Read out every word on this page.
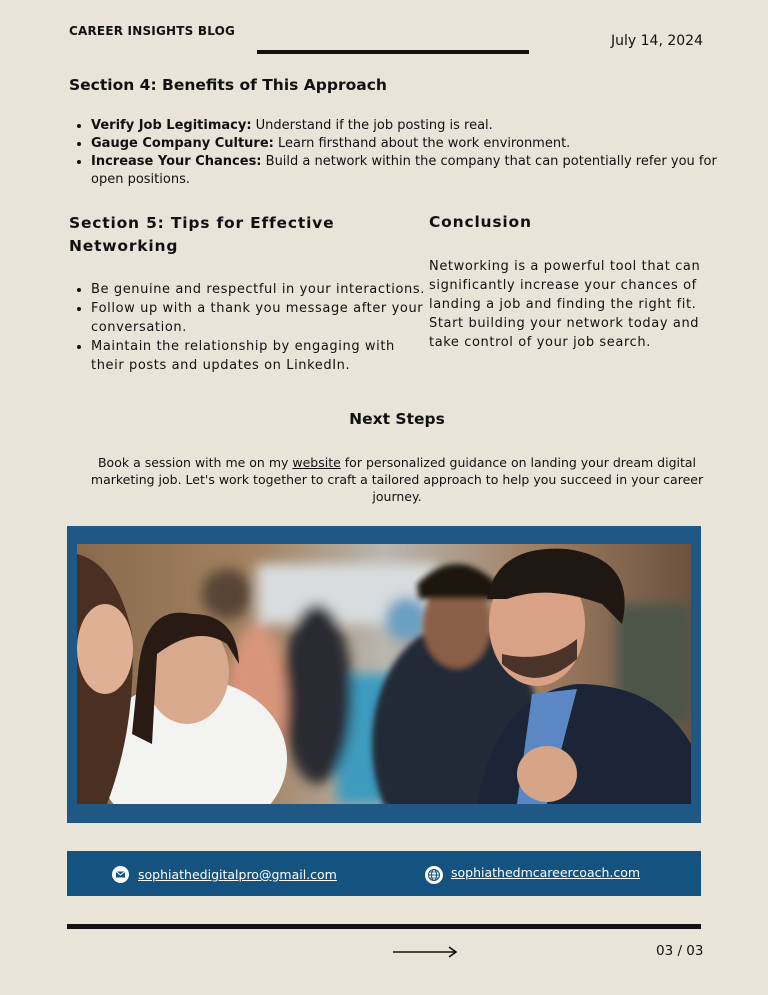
CAREER INSIGHTS BLOG
July 14, 2024
Section 4: Benefits of This Approach
• Verify Job Legitimacy: Understand if the job posting is real.
• Gauge Company Culture: Learn firsthand about the work environment.
• Increase Your Chances: Build a network within the company that can potentially refer you for open positions.
Section 5: Tips for Effective Networking
• Be genuine and respectful in your interactions.
• Follow up with a thank you message after your conversation.
• Maintain the relationship by engaging with their posts and updates on LinkedIn.
Conclusion
Networking is a powerful tool that can significantly increase your chances of landing a job and finding the right fit. Start building your network today and take control of your job search.
Next Steps
Book a session with me on my website for personalized guidance on landing your dream digital marketing job. Let's work together to craft a tailored approach to help you succeed in your career journey.
sophiathedigitalpro@gmail.com	sophiathedmcareercoach.com
03 / 03
